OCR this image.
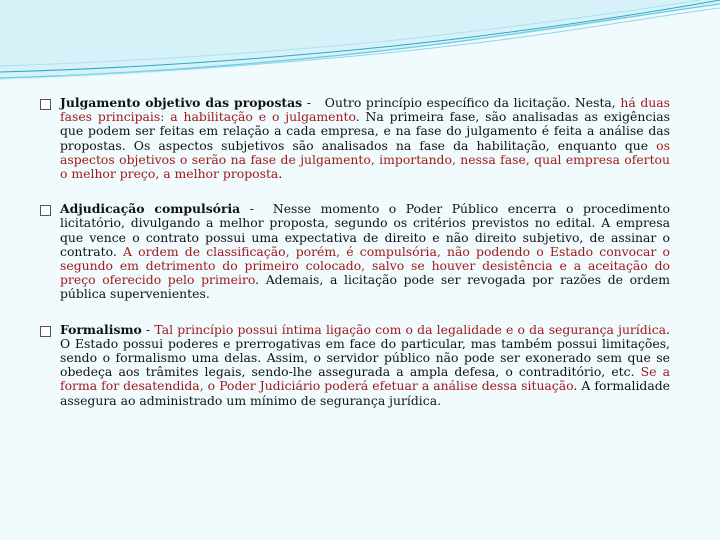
Julgamento objetivo das propostas -   Outro princípio específico da licitação. Nesta, há duas fases principais: a habilitação e o julgamento. Na primeira fase, são analisadas as exigências que podem ser feitas em relação a cada empresa, e na fase do julgamento é feita a análise das propostas. Os aspectos subjetivos são analisados na fase da habilitação, enquanto que os aspectos objetivos o serão na fase de julgamento, importando, nessa fase, qual empresa ofertou o melhor preço, a melhor proposta.

Adjudicação compulsória -  Nesse momento o Poder Público encerra o procedimento licitatório, divulgando a melhor proposta, segundo os critérios previstos no edital. A empresa que vence o contrato possui uma expectativa de direito e não direito subjetivo, de assinar o contrato. A ordem de classificação, porém, é compulsória, não podendo o Estado convocar o segundo em detrimento do primeiro colocado, salvo se houver desistência e a aceitação do preço oferecido pelo primeiro. Ademais, a licitação pode ser revogada por razões de ordem pública supervenientes.

Formalismo - Tal princípio possui íntima ligação com o da legalidade e o da segurança jurídica. O Estado possui poderes e prerrogativas em face do particular, mas também possui limitações, sendo o formalismo uma delas. Assim, o servidor público não pode ser exonerado sem que se obedeça aos trâmites legais, sendo-lhe assegurada a ampla defesa, o contraditório, etc. Se a forma for desatendida, o Poder Judiciário poderá efetuar a análise dessa situação. A formalidade assegura ao administrado um mínimo de segurança jurídica.
